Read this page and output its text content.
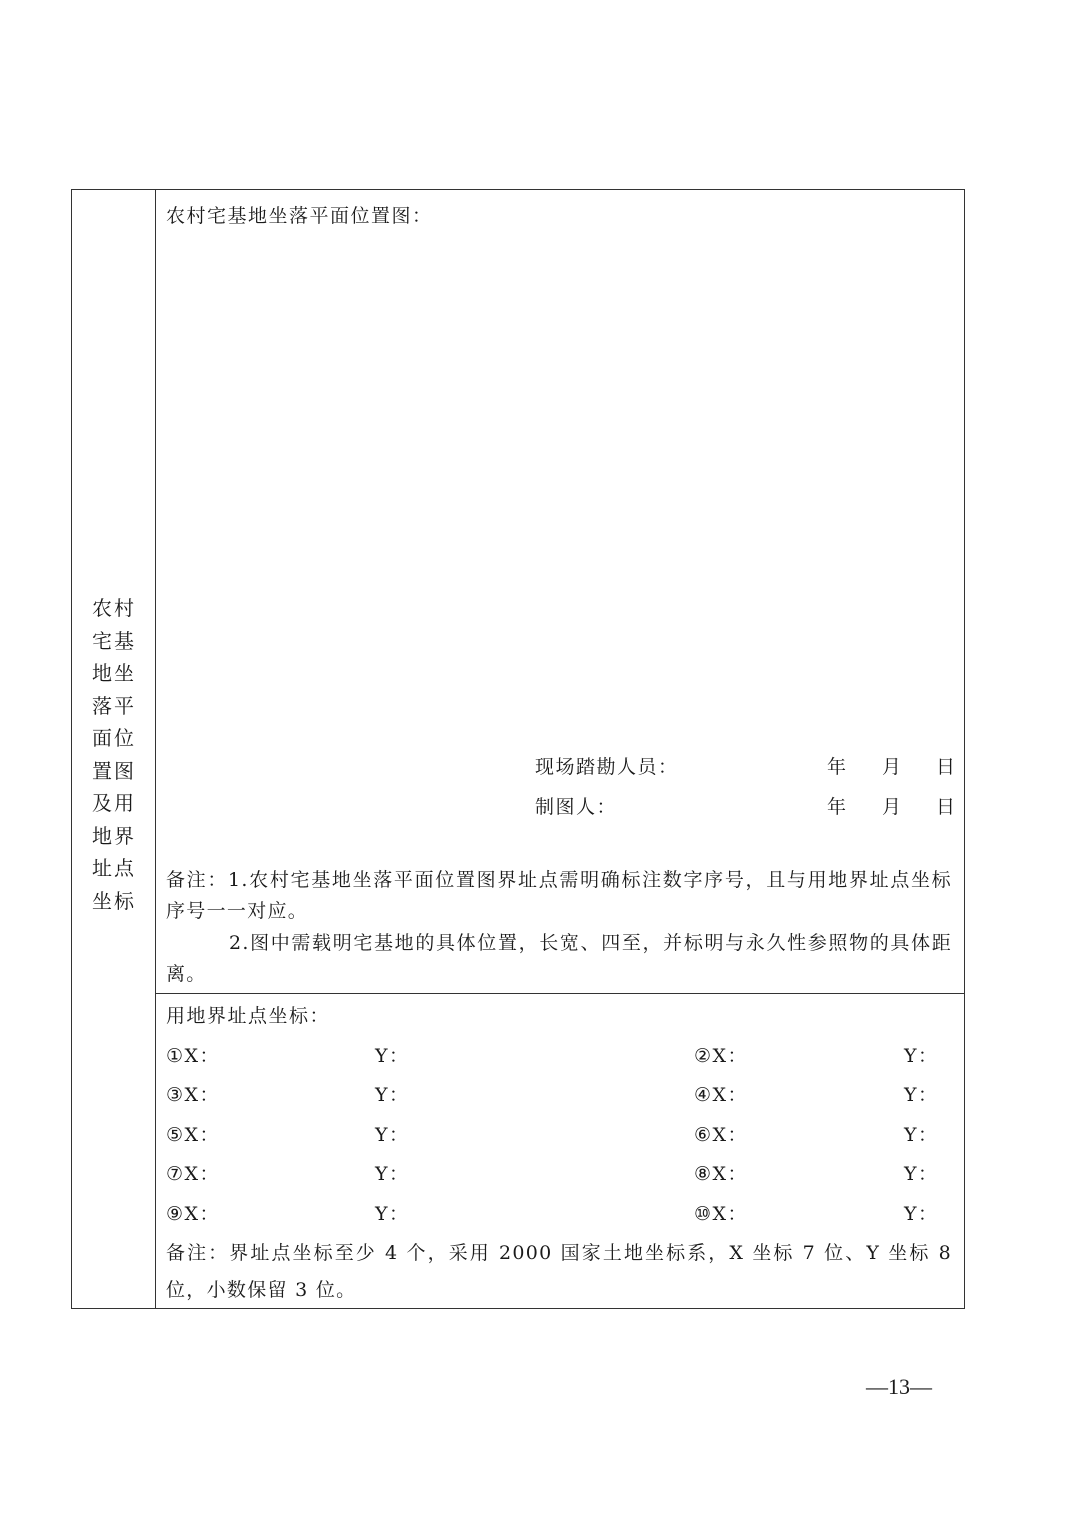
农村
宅基
地坐
落平
面位
置图
及用
地界
址点
坐标
农村宅基地坐落平面位置图：
现场踏勘人员：	年 月 日
制图人：	年 月 日
备注：1.农村宅基地坐落平面位置图界址点需明确标注数字序号，且与用地界址点坐标序号一一对应。
2.图中需载明宅基地的具体位置，长宽、四至，并标明与永久性参照物的具体距离。
用地界址点坐标：
①X：	Y：	②X：	Y：
③X：	Y：	④X：	Y：
⑤X：	Y：	⑥X：	Y：
⑦X：	Y：	⑧X：	Y：
⑨X：	Y：	⑩X：	Y：
备注：界址点坐标至少 4 个，采用 2000 国家土地坐标系，X 坐标 7 位、Y 坐标 8 位，小数保留 3 位。
—13—
